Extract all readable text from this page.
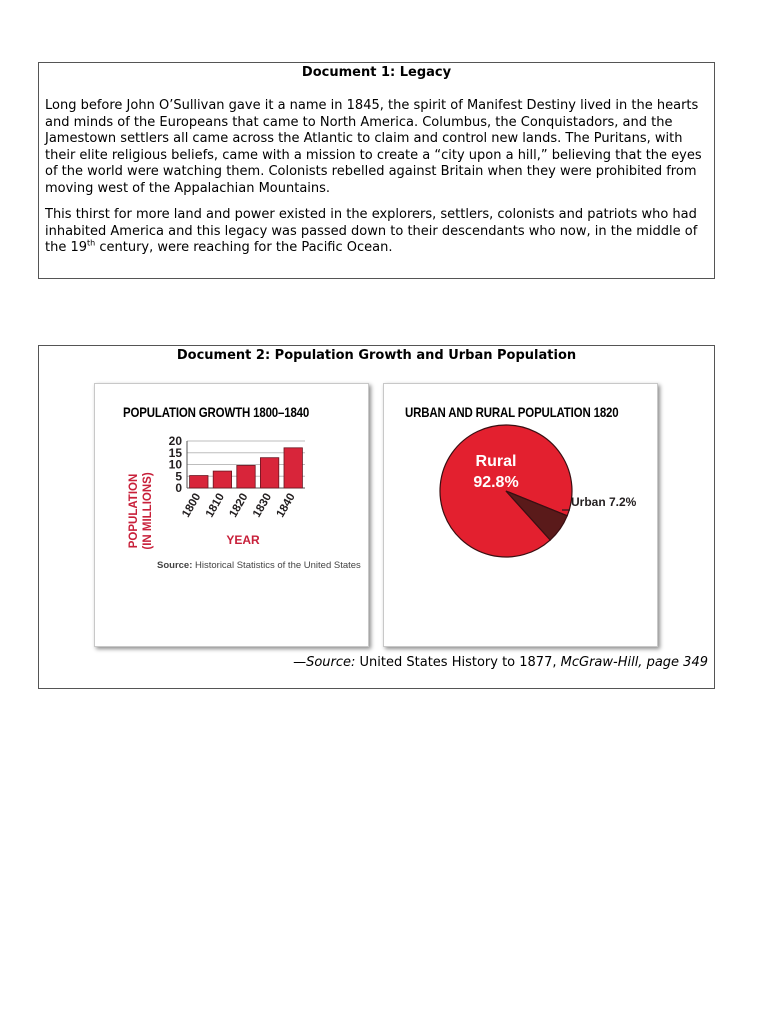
Document 1: Legacy

Long before John O’Sullivan gave it a name in 1845, the spirit of Manifest Destiny lived in the hearts and minds of the Europeans that came to North America. Columbus, the Conquistadors, and the Jamestown settlers all came across the Atlantic to claim and control new lands. The Puritans, with their elite religious beliefs, came with a mission to create a “city upon a hill,” believing that the eyes of the world were watching them. Colonists rebelled against Britain when they were prohibited from moving west of the Appalachian Mountains.

This thirst for more land and power existed in the explorers, settlers, colonists and patriots who had inhabited America and this legacy was passed down to their descendants who now, in the middle of the 19th century, were reaching for the Pacific Ocean.

Document 2: Population Growth and Urban Population
POPULATION GROWTH 1800–1840
POPULATION (IN MILLIONS)
20
15
10
5
0
1800 1810 1820 1830 1840
YEAR
Source: Historical Statistics of the United States
URBAN AND RURAL POPULATION 1820
Rural
92.8%
Urban 7.2%
—Source: United States History to 1877, McGraw-Hill, page 349
